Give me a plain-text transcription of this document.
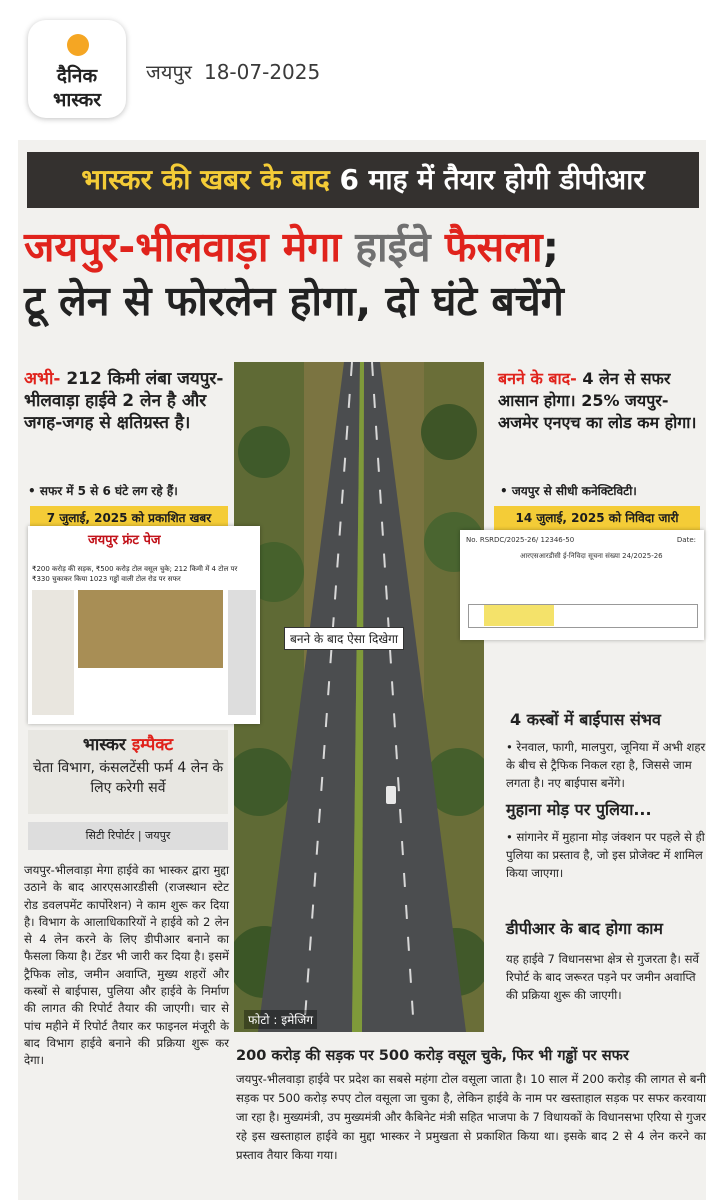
दैनिक
भास्कर
जयपुर 18-07-2025
भास्कर की खबर के बाद 6 माह में तैयार होगी डीपीआर
जयपुर-भीलवाड़ा मेगा हाईवे फैसला;
टू लेन से फोरलेन होगा, दो घंटे बचेंगे
बनने के बाद ऐसा दिखेगा
फोटो : इमेजिंग
अभी- 212 किमी लंबा जयपुर-भीलवाड़ा हाईवे 2 लेन है और जगह-जगह से क्षतिग्रस्त है।
• सफर में 5 से 6 घंटे लग रहे हैं।
7 जुलाई, 2025 को प्रकाशित खबर
जयपुर फ्रंट पेज
₹200 करोड़ की सड़क, ₹500 करोड़ टोल वसूल चुके; 212 किमी में 4 टोल पर ₹330 चुकाकर किया 1023 गड्ढों वाली टोल रोड पर सफर
भास्कर इम्पैक्ट
चेता विभाग, कंसलटेंसी फर्म 4 लेन के लिए करेगी सर्वे
सिटी रिपोर्टर | जयपुर
जयपुर-भीलवाड़ा मेगा हाईवे का भास्कर द्वारा मुद्दा उठाने के बाद आरएसआरडीसी (राजस्थान स्टेट रोड डवलपमेंट कार्पोरेशन) ने काम शुरू कर दिया है। विभाग के आलाधिकारियों ने हाईवे को 2 लेन से 4 लेन करने के लिए डीपीआर बनाने का फैसला किया है। टेंडर भी जारी कर दिया है। इसमें ट्रैफिक लोड, जमीन अवाप्ति, मुख्य शहरों और कस्बों से बाईपास, पुलिया और हाईवे के निर्माण की लागत की रिपोर्ट तैयार की जाएगी। चार से पांच महीने में रिपोर्ट तैयार कर फाइनल मंजूरी के बाद विभाग हाईवे बनाने की प्रक्रिया शुरू कर देगा।
बनने के बाद- 4 लेन से सफर आसान होगा। 25% जयपुर-अजमेर एनएच का लोड कम होगा।
• जयपुर से सीधी कनेक्टिविटी।
14 जुलाई, 2025 को निविदा जारी
No. RSRDC/2025-26/ 12346-50	Date:
आरएसआरडीसी ई-निविदा सूचना संख्या 24/2025-26
4 कस्बों में बाईपास संभव
• रेनवाल, फागी, मालपुरा, जूनिया में अभी शहर के बीच से ट्रैफिक निकल रहा है, जिससे जाम लगता है। नए बाईपास बनेंगे।
मुहाना मोड़ पर पुलिया...
• सांगानेर में मुहाना मोड़ जंक्शन पर पहले से ही पुलिया का प्रस्ताव है, जो इस प्रोजेक्ट में शामिल किया जाएगा।
डीपीआर के बाद होगा काम
यह हाईवे 7 विधानसभा क्षेत्र से गुजरता है। सर्वे रिपोर्ट के बाद जरूरत पड़ने पर जमीन अवाप्ति की प्रक्रिया शुरू की जाएगी।
200 करोड़ की सड़क पर 500 करोड़ वसूल चुके, फिर भी गड्ढों पर सफर
जयपुर-भीलवाड़ा हाईवे पर प्रदेश का सबसे महंगा टोल वसूला जाता है। 10 साल में 200 करोड़ की लागत से बनी सड़क पर 500 करोड़ रुपए टोल वसूला जा चुका है, लेकिन हाईवे के नाम पर खस्ताहाल सड़क पर सफर करवाया जा रहा है। मुख्यमंत्री, उप मुख्यमंत्री और कैबिनेट मंत्री सहित भाजपा के 7 विधायकों के विधानसभा एरिया से गुजर रहे इस खस्ताहाल हाईवे का मुद्दा भास्कर ने प्रमुखता से प्रकाशित किया था। इसके बाद 2 से 4 लेन करने का प्रस्ताव तैयार किया गया।
